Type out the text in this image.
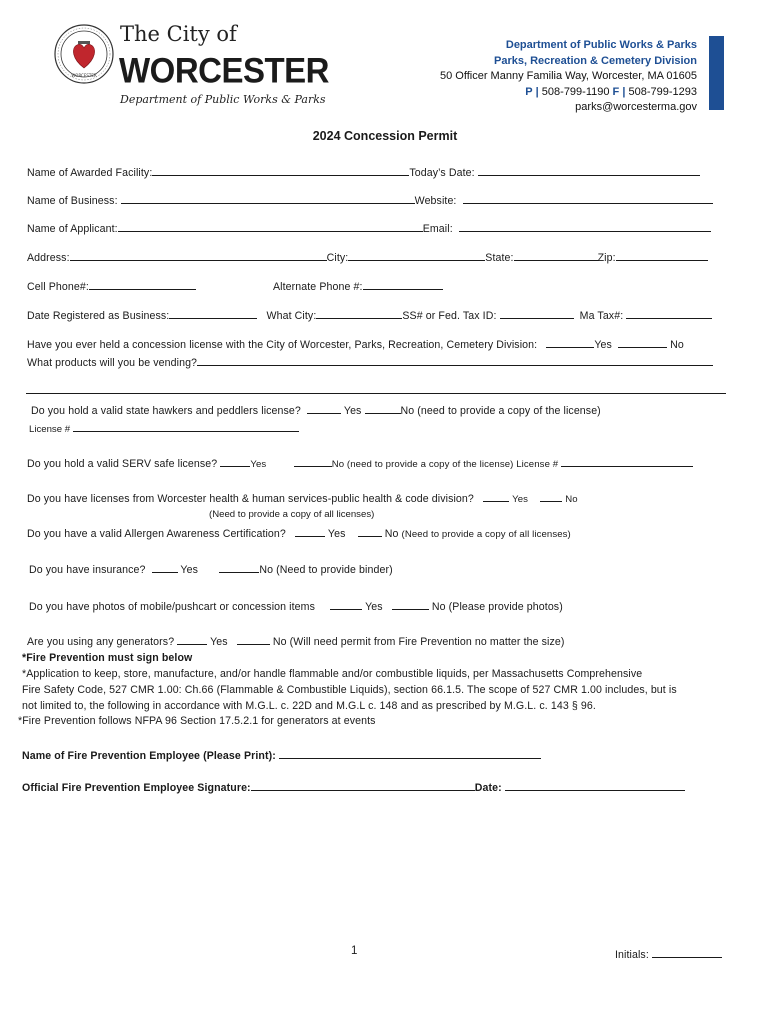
WORCESTER
The City of
WORCESTER
Department of Public Works & Parks
Department of Public Works & Parks
Parks, Recreation & Cemetery Division
50 Officer Manny Familia Way, Worcester, MA 01605
P | 508-799-1190 F | 508-799-1293
parks@worcesterma.gov
2024 Concession Permit
Name of Awarded Facility:	Today’s Date:
Name of Business:	Website:
Name of Applicant:	Email:
Address:	City:	State:	Zip:
Cell Phone#:	Alternate Phone #:
Date Registered as Business:	What City:	SS# or Fed. Tax ID:	Ma Tax#:
Have you ever held a concession license with the City of Worcester, Parks, Recreation, Cemetery Division:	Yes	No
What products will you be vending?
Do you hold a valid state hawkers and peddlers license?	Yes	No (need to provide a copy of the license)
License #
Do you hold a valid SERV safe license?	Yes	No (need to provide a copy of the license) License #
Do you have licenses from Worcester health & human services-public health & code division?	Yes	No
(Need to provide a copy of all licenses)
Do you have a valid Allergen Awareness Certification?	Yes	No (Need to provide a copy of all licenses)
Do you have insurance?	Yes	No (Need to provide binder)
Do you have photos of mobile/pushcart or concession items	Yes	No (Please provide photos)
Are you using any generators?	Yes	No (Will need permit from Fire Prevention no matter the size)
*Fire Prevention must sign below
*Application to keep, store, manufacture, and/or handle flammable and/or combustible liquids, per Massachusetts Comprehensive
Fire Safety Code, 527 CMR 1.00: Ch.66 (Flammable & Combustible Liquids), section 66.1.5. The scope of 527 CMR 1.00 includes, but is
not limited to, the following in accordance with M.G.L. c. 22D and M.G.L c. 148 and as prescribed by M.G.L. c. 143 § 96.
*Fire Prevention follows NFPA 96 Section 17.5.2.1 for generators at events
Name of Fire Prevention Employee (Please Print):
Official Fire Prevention Employee Signature:	Date:
1	Initials:
